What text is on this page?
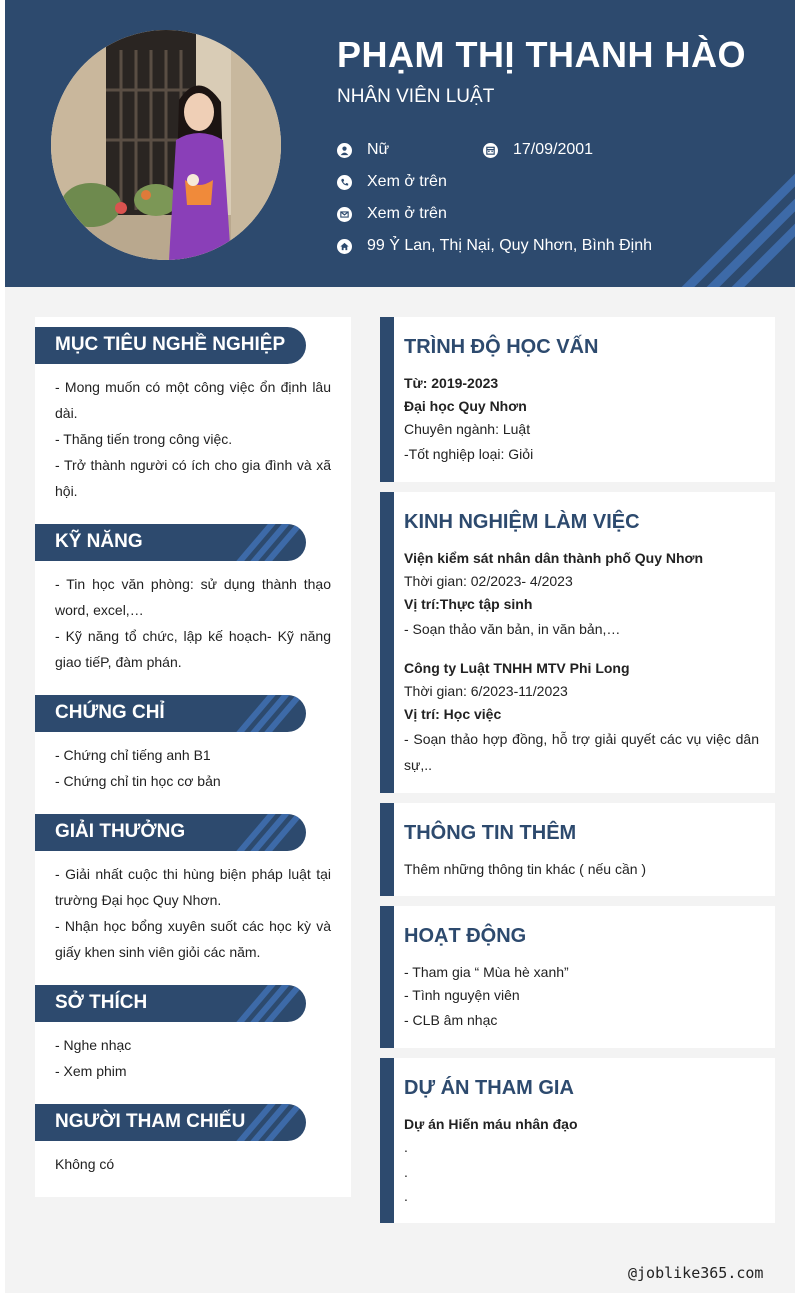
PHẠM THỊ THANH HÀO
NHÂN VIÊN LUẬT
Nữ	17/09/2001
Xem ở trên
Xem ở trên
99 Ỷ Lan, Thị Nại, Quy Nhơn, Bình Định
MỤC TIÊU NGHỀ NGHIỆP
- Mong muốn có một công việc ổn định lâu dài.
- Thăng tiến trong công việc.
- Trở thành người có ích cho gia đình và xã hội.
KỸ NĂNG
- Tin học văn phòng: sử dụng thành thạo word, excel,…
- Kỹ năng tổ chức, lập kế hoạch- Kỹ năng giao tiếP, đàm phán.
CHỨNG CHỈ
- Chứng chỉ tiếng anh B1
- Chứng chỉ tin học cơ bản
GIẢI THƯỞNG
- Giải nhất cuộc thi hùng biện pháp luật tại trường Đại học Quy Nhơn.
- Nhận học bổng xuyên suốt các học kỳ và giấy khen sinh viên giỏi các năm.
SỞ THÍCH
- Nghe nhạc
- Xem phim
NGƯỜI THAM CHIẾU
Không có
TRÌNH ĐỘ HỌC VẤN
Từ: 2019-2023
Đại học Quy Nhơn
Chuyên ngành: Luật
-Tốt nghiệp loại: Giỏi
KINH NGHIỆM LÀM VIỆC
Viện kiểm sát nhân dân thành phố Quy Nhơn
Thời gian: 02/2023- 4/2023
Vị trí:Thực tập sinh
- Soạn thảo văn bản, in văn bản,…
Công ty Luật TNHH MTV Phi Long
Thời gian: 6/2023-11/2023
Vị trí: Học việc
- Soạn thảo hợp đồng, hỗ trợ giải quyết các vụ việc dân sự,..
THÔNG TIN THÊM
Thêm những thông tin khác ( nếu cần )
HOẠT ĐỘNG
- Tham gia “ Mùa hè xanh”
- Tình nguyện viên
- CLB âm nhạc
DỰ ÁN THAM GIA
Dự án Hiến máu nhân đạo
.
.
.
@joblike365.com
